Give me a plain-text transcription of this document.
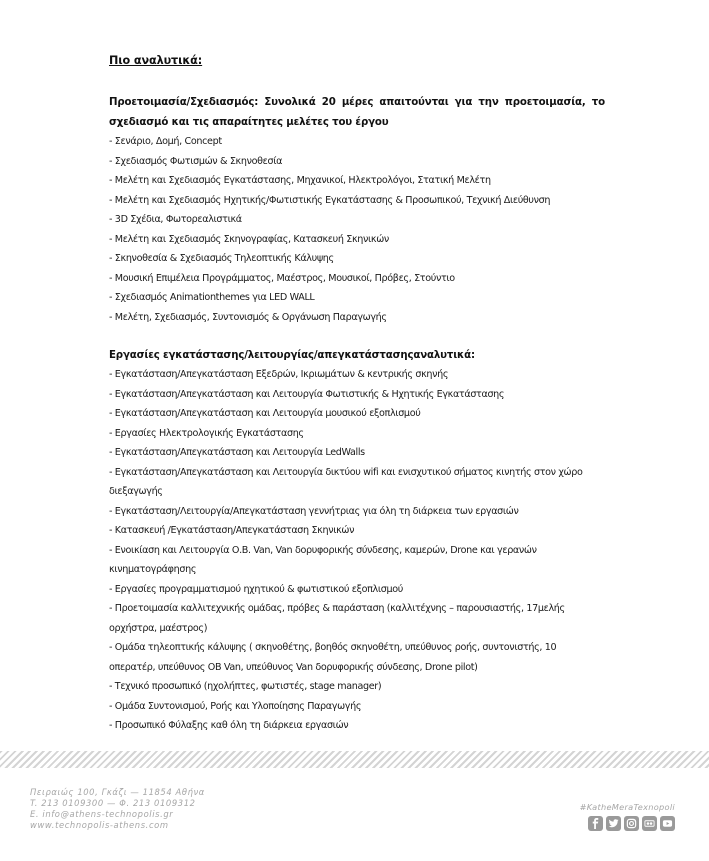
Πιο αναλυτικά:
Προετοιμασία/Σχεδιασμός: Συνολικά 20 μέρες απαιτούνται για την προετοιμασία, το σχεδιασμό και τις απαραίτητες μελέτες του έργου
- Σενάριο, Δομή, Concept
- Σχεδιασμός Φωτισμών & Σκηνοθεσία
- Μελέτη και Σχεδιασμός Εγκατάστασης, Μηχανικοί, Ηλεκτρολόγοι, Στατική Μελέτη
- Μελέτη και Σχεδιασμός Ηχητικής/Φωτιστικής Εγκατάστασης & Προσωπικού, Τεχνική Διεύθυνση
- 3D Σχέδια, Φωτορεαλιστικά
- Μελέτη και Σχεδιασμός Σκηνογραφίας, Κατασκευή Σκηνικών
- Σκηνοθεσία & Σχεδιασμός Τηλεοπτικής Κάλυψης
- Μουσική Επιμέλεια Προγράμματος, Μαέστρος, Μουσικοί, Πρόβες, Στούντιο
- Σχεδιασμός Animationthemes για LED WALL
- Μελέτη, Σχεδιασμός, Συντονισμός & Οργάνωση Παραγωγής
Εργασίες εγκατάστασης/λειτουργίας/απεγκατάστασηςαναλυτικά:
- Εγκατάσταση/Απεγκατάσταση Εξεδρών, Ικριωμάτων & κεντρικής σκηνής
- Εγκατάσταση/Απεγκατάσταση και Λειτουργία Φωτιστικής & Ηχητικής Εγκατάστασης
- Εγκατάσταση/Απεγκατάσταση και Λειτουργία μουσικού εξοπλισμού
- Εργασίες Ηλεκτρολογικής Εγκατάστασης
- Εγκατάσταση/Απεγκατάσταση και Λειτουργία LedWalls
- Εγκατάσταση/Απεγκατάσταση και Λειτουργία δικτύου wifi και ενισχυτικού σήματος κινητής στον χώρο διεξαγωγής
- Εγκατάσταση/Λειτουργία/Απεγκατάσταση γεννήτριας για όλη τη διάρκεια των εργασιών
- Κατασκευή /Εγκατάσταση/Απεγκατάσταση Σκηνικών
- Ενοικίαση και Λειτουργία Ο.Β. Van, Van δορυφορικής σύνδεσης, καμερών, Drone και γερανών κινηματογράφησης
- Εργασίες προγραμματισμού ηχητικού & φωτιστικού εξοπλισμού
- Προετοιμασία καλλιτεχνικής ομάδας, πρόβες & παράσταση (καλλιτέχνης – παρουσιαστής, 17μελής ορχήστρα, μαέστρος)
- Ομάδα τηλεοπτικής κάλυψης ( σκηνοθέτης, βοηθός σκηνοθέτη, υπεύθυνος ροής, συντονιστής, 10 οπερατέρ, υπεύθυνος OB Van, υπεύθυνος Van δορυφορικής σύνδεσης, Drone pilot)
- Τεχνικό προσωπικό (ηχολήπτες, φωτιστές, stage manager)
- Ομάδα Συντονισμού, Ροής και Υλοποίησης Παραγωγής
- Προσωπικό Φύλαξης καθ όλη τη διάρκεια εργασιών
Πειραιώς 100, Γκάζι — 11854 Αθήνα
T. 213 0109300 — Φ. 213 0109312
E. info@athens-technopolis.gr
www.technopolis-athens.com
#KatheMeraTexnopoli
